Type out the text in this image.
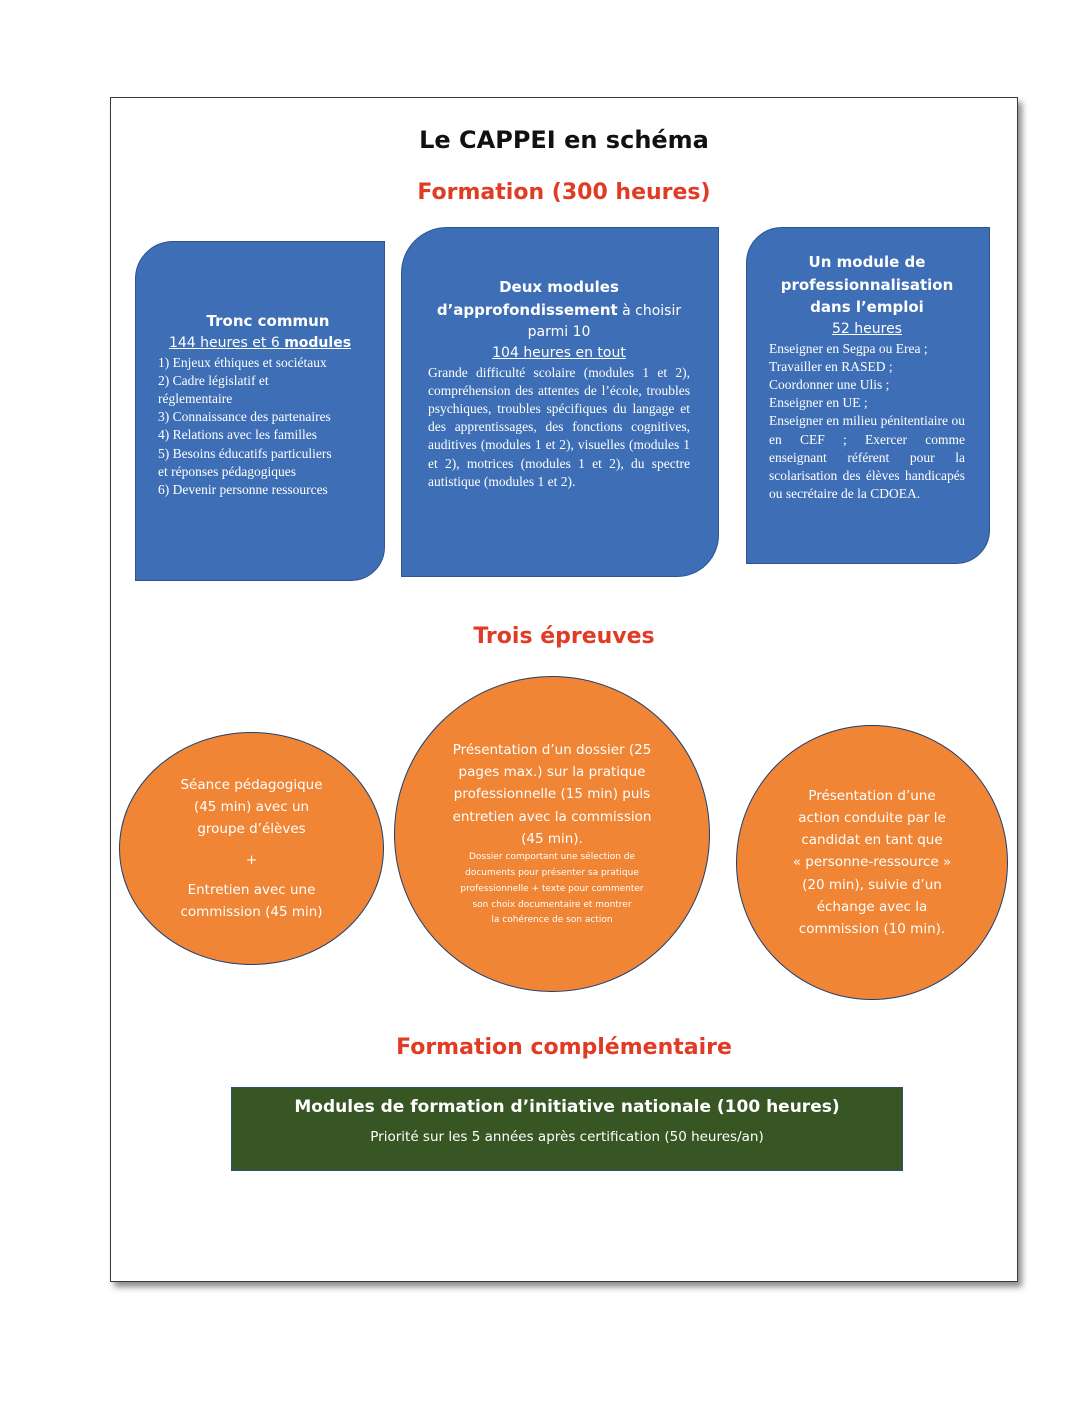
Le CAPPEI en schéma
Formation (300 heures)
Tronc commun
144 heures et 6 modules
1) Enjeux éthiques et sociétaux
2) Cadre législatif et
réglementaire
3) Connaissance des partenaires
4) Relations avec les familles
5) Besoins éducatifs particuliers
et réponses pédagogiques
6) Devenir personne ressources
Deux modules
d’approfondissement à choisir
parmi 10
104 heures en tout
Grande difficulté scolaire (modules 1 et 2), compréhension des attentes de l’école, troubles psychiques, troubles spécifiques du langage et des apprentissages, des fonctions cognitives, auditives (modules 1 et 2), visuelles (modules 1 et 2), motrices (modules 1 et 2), du spectre autistique (modules 1 et 2).
Un module de
professionnalisation
dans l’emploi
52 heures
Enseigner en Segpa ou Erea ;
Travailler en RASED ;
Coordonner une Ulis ;
Enseigner en UE ;
Enseigner en milieu pénitentiaire ou en CEF ; Exercer comme enseignant référent pour la scolarisation des élèves handicapés ou secrétaire de la CDOEA.
Trois épreuves
Séance pédagogique
(45 min) avec un
groupe d’élèves
+
Entretien avec une
commission (45 min)
Présentation d’un dossier (25
pages max.) sur la pratique
professionnelle (15 min) puis
entretien avec la commission
(45 min).
Dossier comportant une sélection de
documents pour présenter sa pratique
professionnelle + texte pour commenter
son choix documentaire et montrer
la cohérence de son action
Présentation d’une
action conduite par le
candidat en tant que
« personne-ressource »
(20 min), suivie d’un
échange avec la
commission (10 min).
Formation complémentaire
Modules de formation d’initiative nationale (100 heures)
Priorité sur les 5 années après certification (50 heures/an)
